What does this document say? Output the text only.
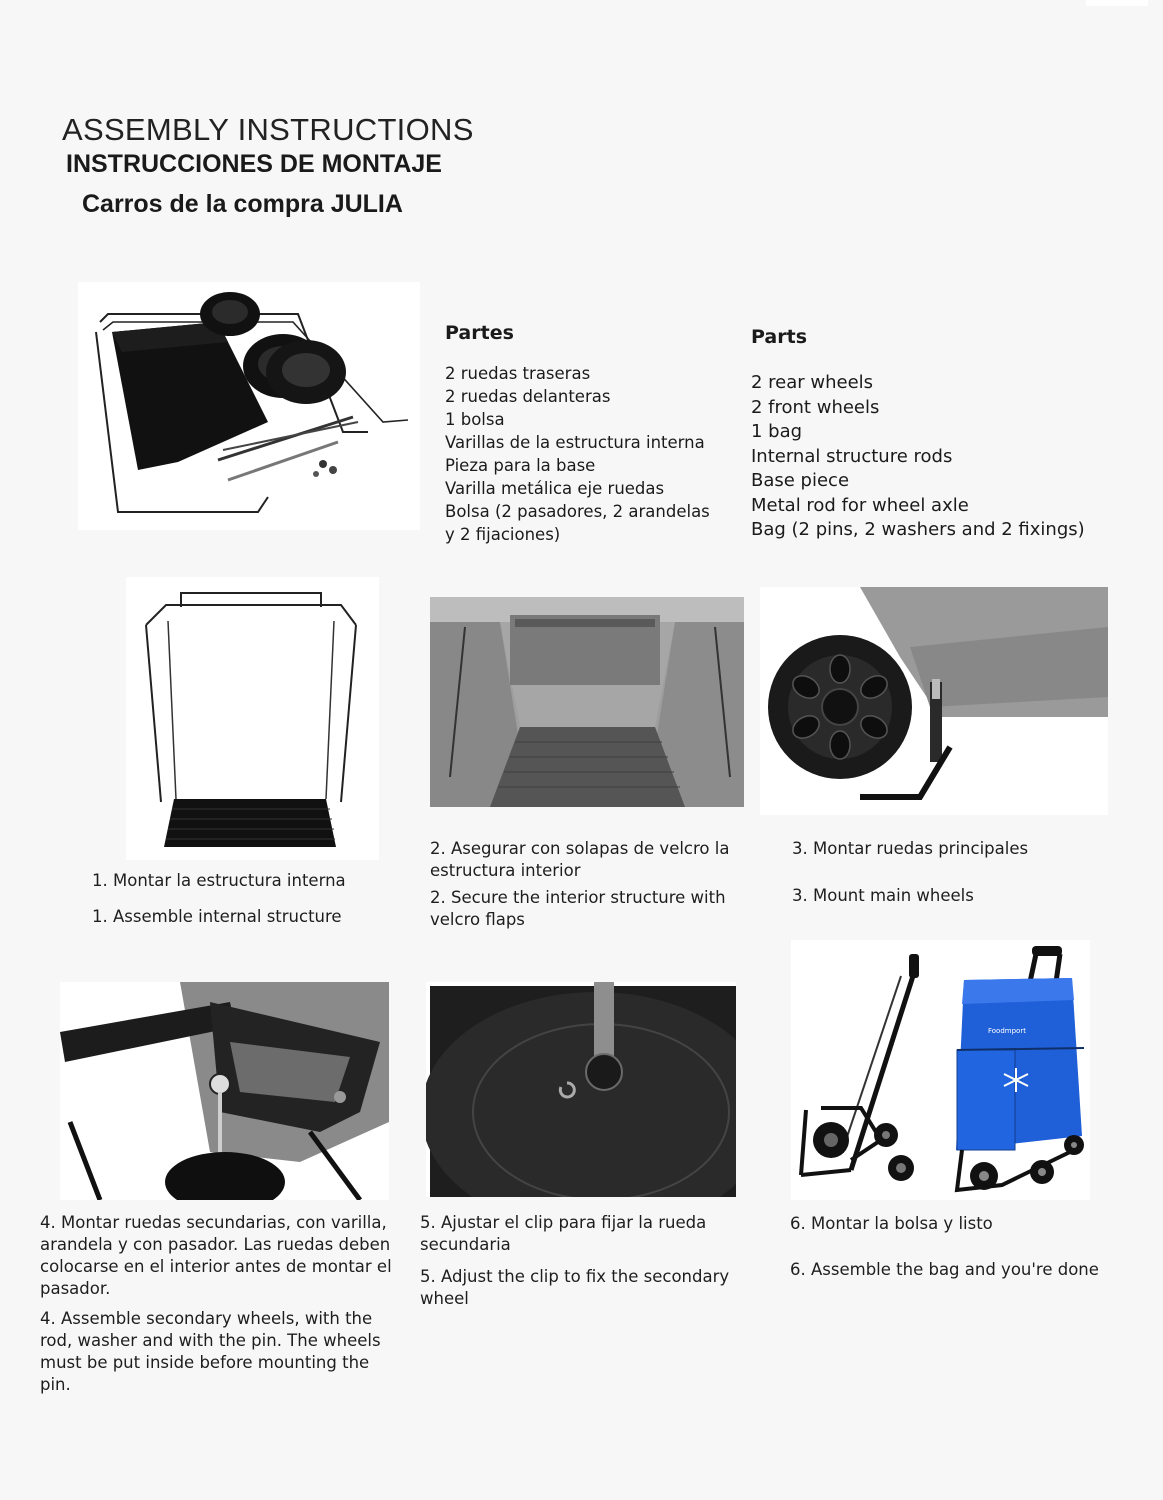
ASSEMBLY INSTRUCTIONS
INSTRUCCIONES DE MONTAJE
Carros de la compra JULIA
Partes
2 ruedas traseras
2 ruedas delanteras
1 bolsa
Varillas de la estructura interna
Pieza para la base
Varilla metálica eje ruedas
Bolsa (2 pasadores, 2 arandelas
y 2 fijaciones)
Parts
2 rear wheels
2 front wheels
1 bag
Internal structure rods
Base piece
Metal rod for wheel axle
Bag (2 pins, 2 washers and 2 fixings)
1. Montar la estructura interna
1. Assemble internal structure
2. Asegurar con solapas de velcro la estructura interior
2. Secure the interior structure with velcro flaps
3. Montar ruedas principales
3. Mount main wheels
4. Montar ruedas secundarias, con varilla, arandela y con pasador. Las ruedas deben colocarse en el interior antes de montar el pasador.
4. Assemble secondary wheels, with the rod, washer and with the pin. The wheels must be put inside before mounting the pin.
5. Ajustar el clip para fijar la rueda secundaria
5. Adjust the clip to fix the secondary wheel
Foodmport
6. Montar la bolsa y listo
6. Assemble the bag and you're done
